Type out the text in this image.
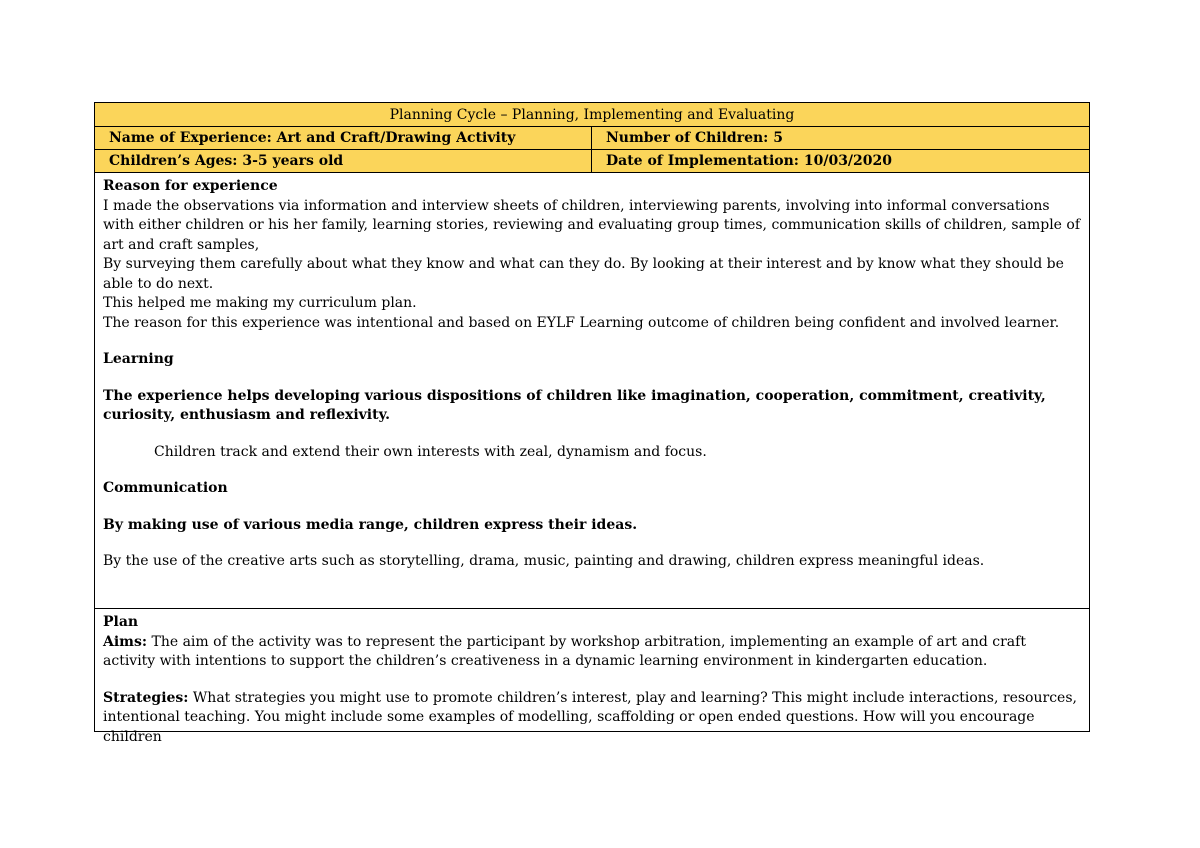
Planning Cycle – Planning, Implementing and Evaluating
Name of Experience: Art and Craft/Drawing Activity	Number of Children: 5
Children’s Ages: 3-5 years old	Date of Implementation: 10/03/2020

Reason for experience

I made the observations via information and interview sheets of children, interviewing parents, involving into informal conversations with either children or his her family, learning stories, reviewing and evaluating group times, communication skills of children, sample of art and craft samples,

By surveying them carefully about what they know and what can they do. By looking at their interest and by know what they should be able to do next.

This helped me making my curriculum plan.

The reason for this experience was intentional and based on EYLF Learning outcome of children being confident and involved learner.

Learning

The experience helps developing various dispositions of children like imagination, cooperation, commitment, creativity, curiosity, enthusiasm and reflexivity.

Children track and extend their own interests with zeal, dynamism and focus.

Communication

By making use of various media range, children express their ideas.

By the use of the creative arts such as storytelling, drama, music, painting and drawing, children express meaningful ideas.

Plan

Aims: The aim of the activity was to represent the participant by workshop arbitration, implementing an example of art and craft activity with intentions to support the children’s creativeness in a dynamic learning environment in kindergarten education.

Strategies: What strategies you might use to promote children’s interest, play and learning? This might include interactions, resources, intentional teaching. You might include some examples of modelling, scaffolding or open ended questions. How will you encourage children
